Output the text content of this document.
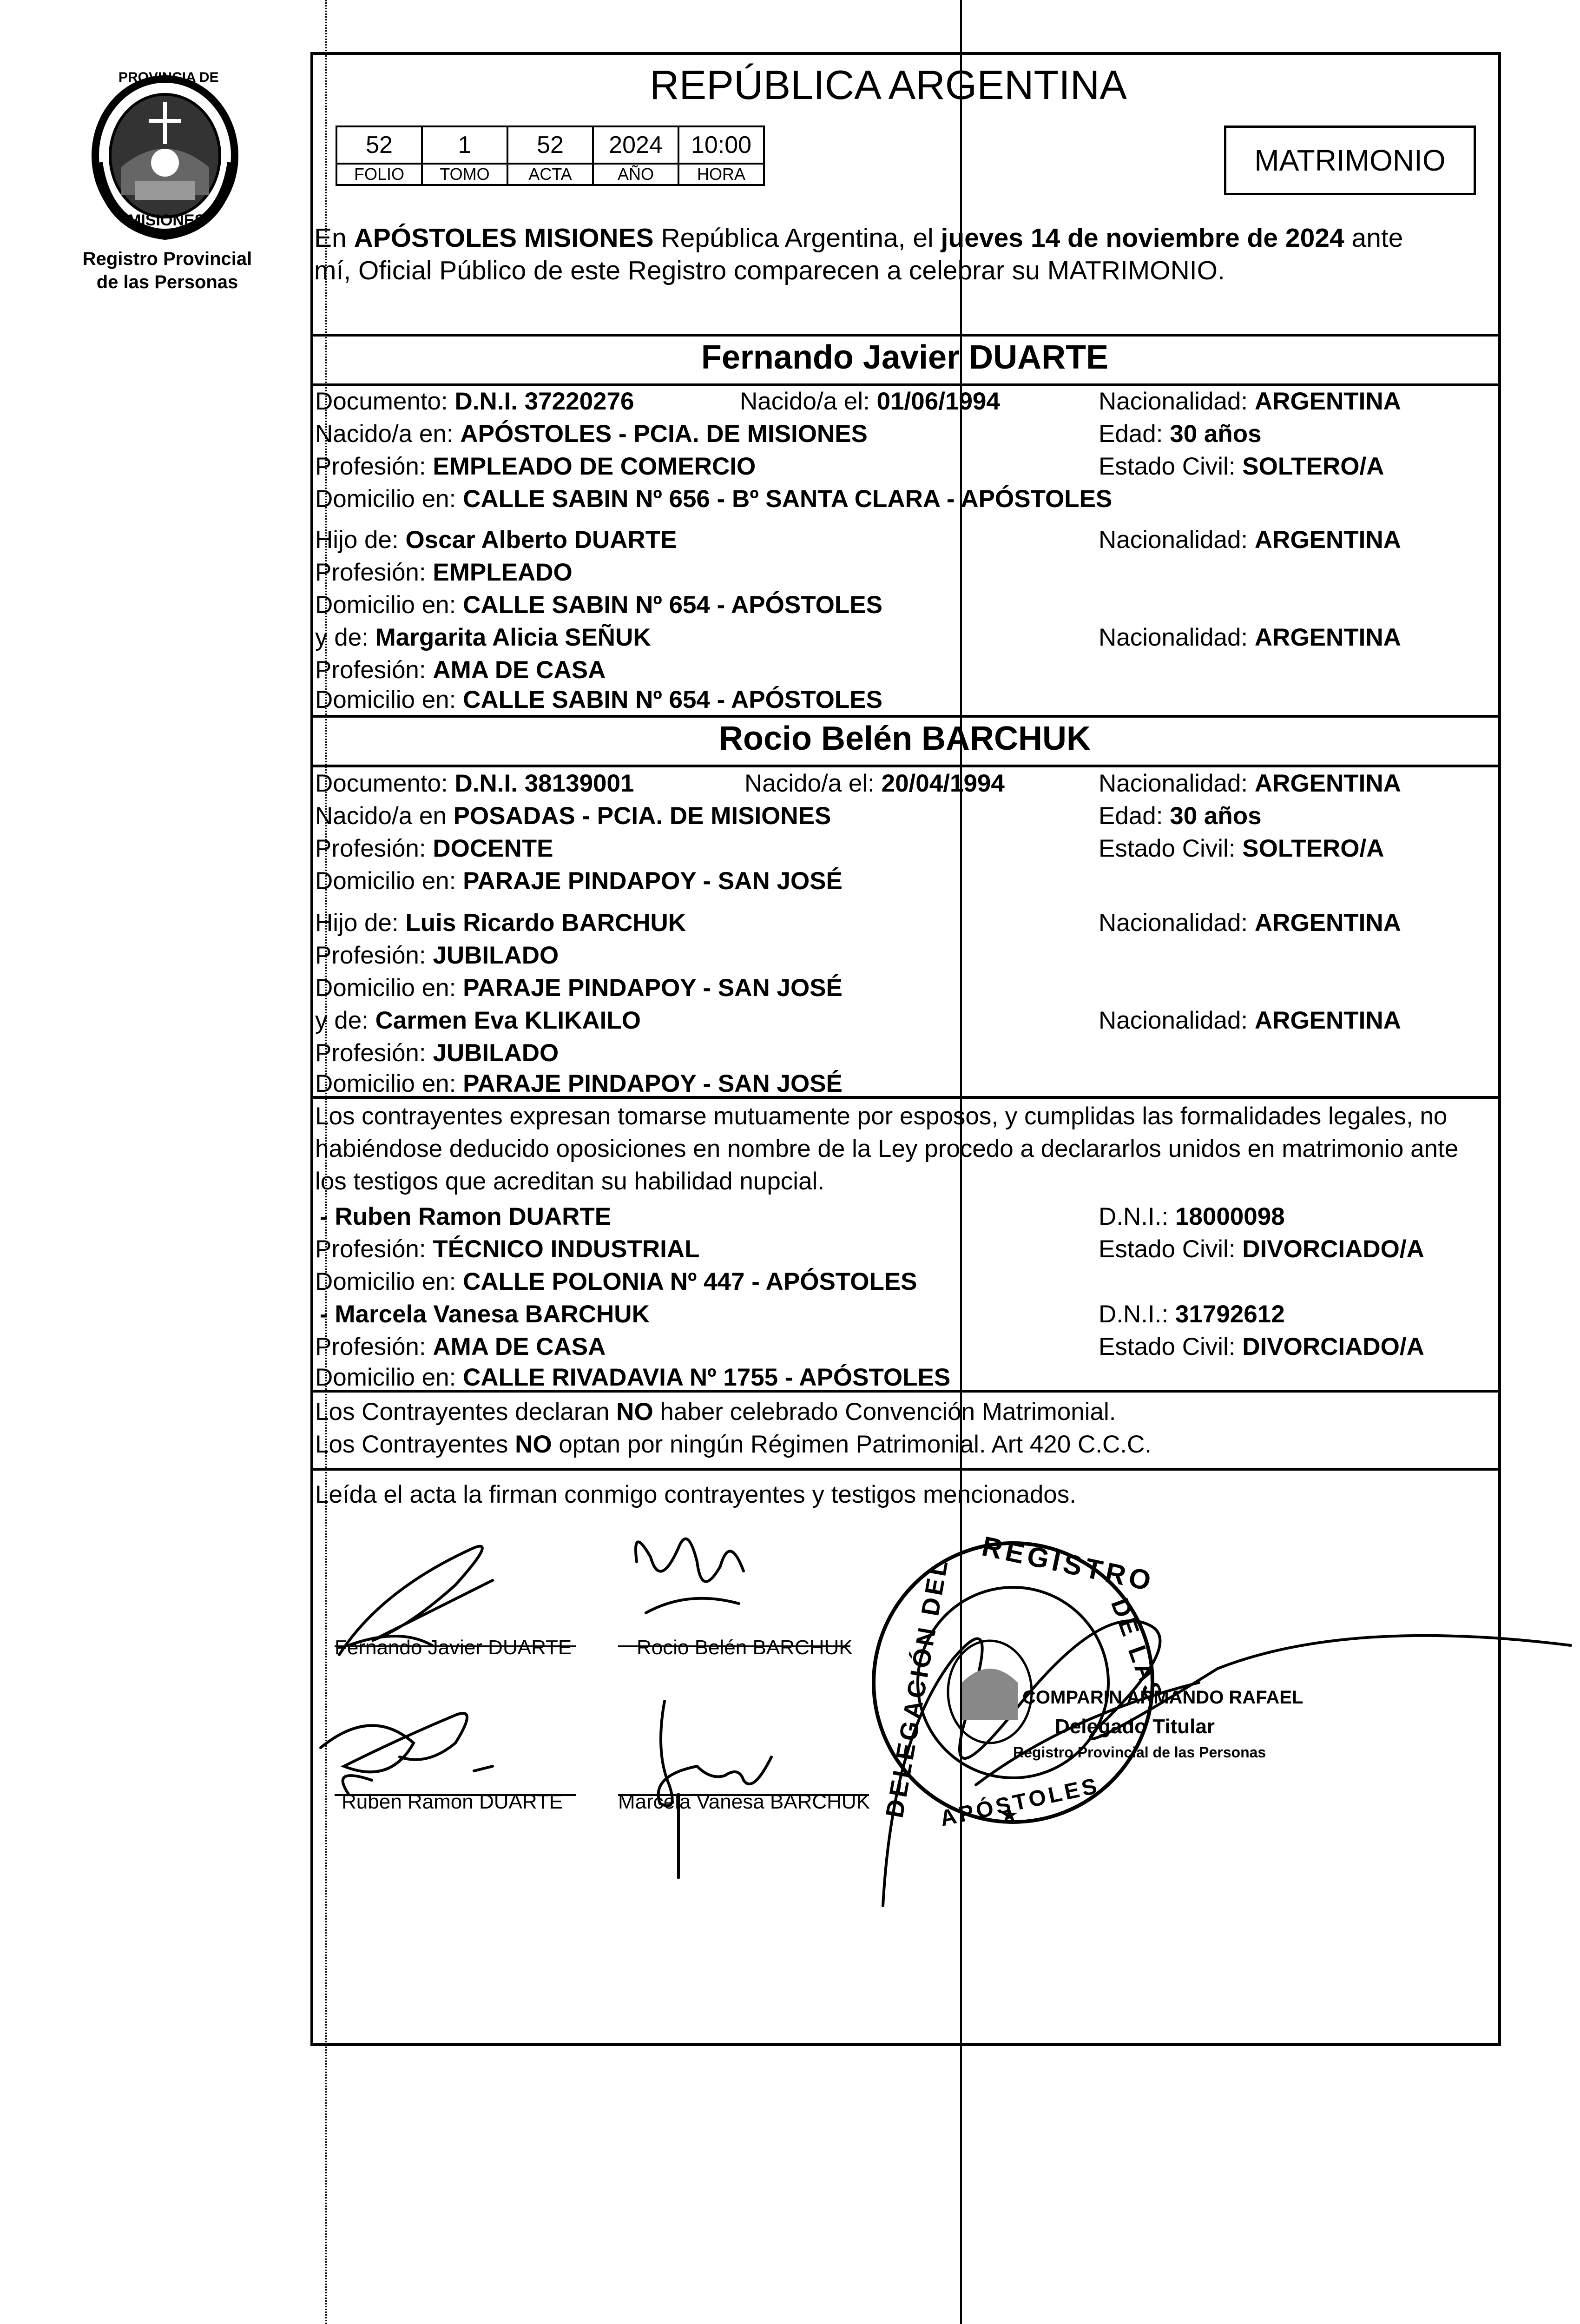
PROVINCIA DE
MISIONES
Registro Provincial
de las Personas
REPÚBLICA ARGENTINA
52	1	52	2024	10:00
FOLIO	TOMO	ACTA	AÑO	HORA	MATRIMONIO
En APÓSTOLES MISIONES República Argentina, el jueves 14 de noviembre de 2024 ante
mí, Oficial Público de este Registro comparecen a celebrar su MATRIMONIO.
Fernando Javier DUARTE
Documento: D.N.I. 37220276	Nacido/a el: 01/06/1994	Nacionalidad: ARGENTINA
Nacido/a en: APÓSTOLES - PCIA. DE MISIONES	Edad: 30 años
Profesión: EMPLEADO DE COMERCIO	Estado Civil: SOLTERO/A
Domicilio en: CALLE SABIN Nº 656 - Bº SANTA CLARA - APÓSTOLES
Hijo de: Oscar Alberto DUARTE	Nacionalidad: ARGENTINA
Profesión: EMPLEADO
Domicilio en: CALLE SABIN Nº 654 - APÓSTOLES
y de: Margarita Alicia SEÑUK	Nacionalidad: ARGENTINA
Profesión: AMA DE CASA
Domicilio en: CALLE SABIN Nº 654 - APÓSTOLES
Rocio Belén BARCHUK
Documento: D.N.I. 38139001	Nacido/a el: 20/04/1994	Nacionalidad: ARGENTINA
Nacido/a en POSADAS - PCIA. DE MISIONES	Edad: 30 años
Profesión: DOCENTE	Estado Civil: SOLTERO/A
Domicilio en: PARAJE PINDAPOY - SAN JOSÉ
Hijo de: Luis Ricardo BARCHUK	Nacionalidad: ARGENTINA
Profesión: JUBILADO
Domicilio en: PARAJE PINDAPOY - SAN JOSÉ
y de: Carmen Eva KLIKAILO	Nacionalidad: ARGENTINA
Profesión: JUBILADO
Domicilio en: PARAJE PINDAPOY - SAN JOSÉ
Los contrayentes expresan tomarse mutuamente por esposos, y cumplidas las formalidades legales, no
habiéndose deducido oposiciones en nombre de la Ley procedo a declararlos unidos en matrimonio ante
los testigos que acreditan su habilidad nupcial.
- Ruben Ramon DUARTE	D.N.I.: 18000098
Profesión: TÉCNICO INDUSTRIAL	Estado Civil: DIVORCIADO/A
Domicilio en: CALLE POLONIA Nº 447 - APÓSTOLES
- Marcela Vanesa BARCHUK	D.N.I.: 31792612
Profesión: AMA DE CASA	Estado Civil: DIVORCIADO/A
Domicilio en: CALLE RIVADAVIA Nº 1755 - APÓSTOLES
Los Contrayentes declaran NO haber celebrado Convención Matrimonial.
Los Contrayentes NO optan por ningún Régimen Patrimonial. Art 420 C.C.C.
Leída el acta la firman conmigo contrayentes y testigos mencionados.
Fernando Javier DUARTE	Rocio Belén BARCHUK
Ruben Ramon DUARTE	Marcela Vanesa BARCHUK
REGISTRO
DELEGACIÓN DEL	DE LAS
APÓSTOLES
COMPARIN ARMANDO RAFAEL
Delegado Titular
Registro Provincial de las Personas
